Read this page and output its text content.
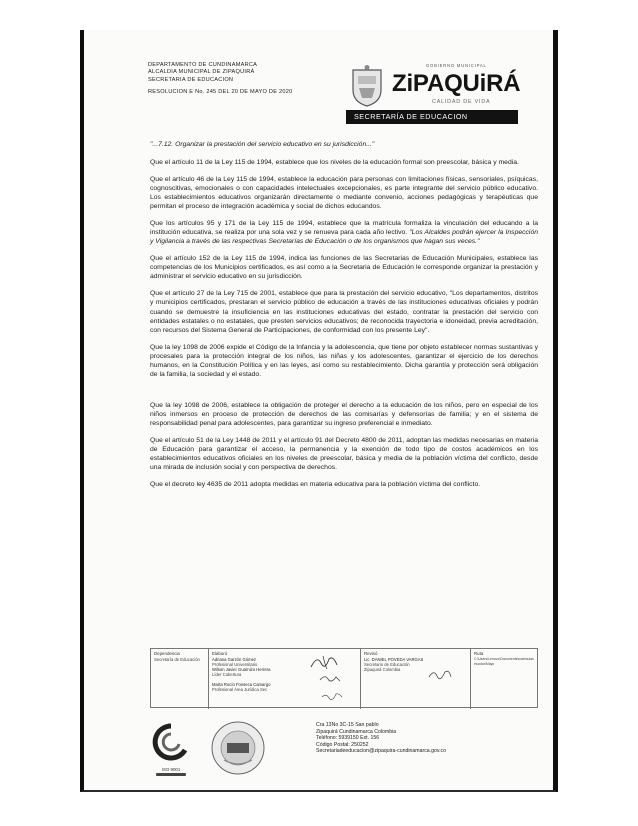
DEPARTAMENTO DE CUNDINAMARCA
ALCALDIA MUNICIPAL DE ZIPAQUIRÁ
SECRETARIA DE EDUCACION
RESOLUCION E No. 245 DEL 20 DE MAYO DE 2020
GOBIERNO MUNICIPAL
ZiPAQUiRÁ
CALIDAD DE VIDA
SECRETARÍA DE EDUCACION

"...7.12. Organizar la prestación del servicio educativo en su jurisdicción..."

Que el artículo 11 de la Ley 115 de 1994, establece que los niveles de la educación formal son preescolar, básica y media.

Que el artículo 46 de la Ley 115 de 1994, establece la educación para personas con limitaciones físicas, sensoriales, psíquicas, cognoscitivas, emocionales o con capacidades intelectuales excepcionales, es parte integrante del servicio público educativo. Los establecimientos educativos organizarán directamente o mediante convenio, acciones pedagógicas y terapéuticas que permitan el proceso de integración académica y social de dichos educandos.

Que los artículos 95 y 171 de la Ley 115 de 1994, establece que la matrícula formaliza la vinculación del educando a la institución educativa, se realiza por una sola vez y se renueva para cada año lectivo. "Los Alcaldes podrán ejercer la Inspección y Vigilancia a través de las respectivas Secretarías de Educación o de los organismos que hagan sus veces."

Que el artículo 152 de la Ley 115 de 1994, indica las funciones de las Secretarias de Educación Municipales, establece las competencias de los Municipios certificados, es así como a la Secretaria de Educación le corresponde organizar la prestación y administrar el servicio educativo en su jurisdicción.

Que el artículo 27 de la Ley 715 de 2001, establece que para la prestación del servicio educativo, "Los departamentos, distritos y municipios certificados, prestaran el servicio público de educación a través de las instituciones educativas oficiales y podrán cuando se demuestre la insuficiencia en las instituciones educativas del estado, contratar la prestación del servicio con entidades estatales o no estatales, que presten servicios educativos; de reconocida trayectoria e idoneidad, previa acreditación, con recursos del Sistema General de Participaciones, de conformidad con los presente Ley".

Que la ley 1098 de 2006 expide el Código de la Infancia y la adolescencia, que tiene por objeto establecer normas sustantivas y procesales para la protección integral de los niños, las niñas y los adolescentes, garantizar el ejercicio de los derechos humanos, en la Constitución Política y en las leyes, así como su restablecimiento. Dicha garantía y protección será obligación de la familia, la sociedad y el estado.

Que la ley 1098 de 2006, establece la obligación de proteger el derecho a la educación de los niños, pero en especial de los niños inmersos en proceso de protección de derechos de las comisarías y defensorías de familia; y en el sistema de responsabilidad penal para adolescentes, para garantizar su ingreso preferencial e inmediato.

Que el artículo 51 de la Ley 1448 de 2011 y el artículo 91 del Decreto 4800 de 2011, adoptan las medidas necesarias en materia de Educación para garantizar el acceso, la permanencia y la exención de todo tipo de costos académicos en los establecimientos educativos oficiales en los niveles de preescolar, básica y media de la población víctima del conflicto, desde una mirada de inclusión social y con perspectiva de derechos.

Que el decreto ley 4635 de 2011 adopta medidas en materia educativa para la población víctima del conflicto.

Dependencia
Secretaría de Educación
Elaboró
Adriana Garzón Gómez
Profesional Universitario
Wilson Javier Guarnizo Herrera
Líder Cobertura

Marta Rocío Fonseca Camargo
Profesional Área Jurídica Sec
Revisó
Lic. DANIEL POVEDA VARGAS
Secretario de Educación
Zipaquirá Colombia
Ruta
C:\Users\Lenovo\Documents\matriculas
escolar\Mayo
ISO 9001
Cra 13No 3C-15 San pablo
Zipaquirá Cundinamarca Colombia
Teléfono: 5939150 Ext. 156
Código Postal: 250252
Secretariadeeducacion@zipaquira-cundinamarca.gov.co
